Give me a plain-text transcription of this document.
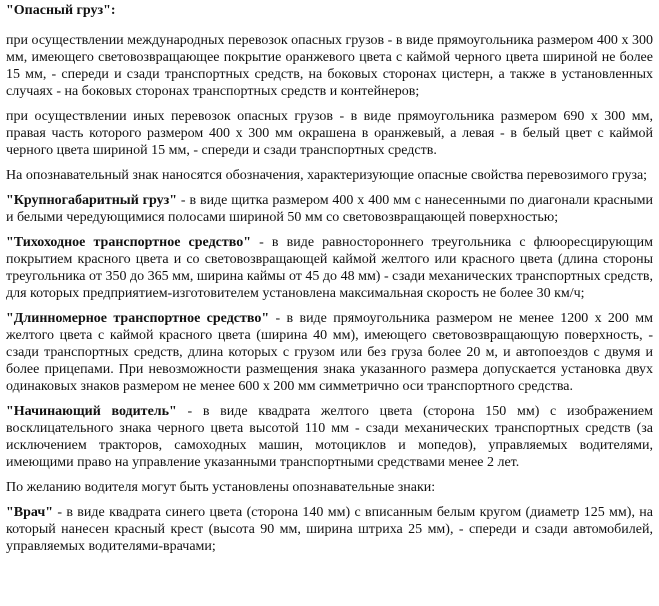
"Опасный груз":

при осуществлении международных перевозок опасных грузов - в виде прямоугольника размером 400 x 300 мм, имеющего световозвращающее покрытие оранжевого цвета с каймой черного цвета шириной не более 15 мм, - спереди и сзади транспортных средств, на боковых сторонах цистерн, а также в установленных случаях - на боковых сторонах транспортных средств и контейнеров;

при осуществлении иных перевозок опасных грузов - в виде прямоугольника размером 690 x 300 мм, правая часть которого размером 400 x 300 мм окрашена в оранжевый, а левая - в белый цвет с каймой черного цвета шириной 15 мм, - спереди и сзади транспортных средств.

На опознавательный знак наносятся обозначения, характеризующие опасные свойства перевозимого груза;

"Крупногабаритный груз" - в виде щитка размером 400 x 400 мм с нанесенными по диагонали красными и белыми чередующимися полосами шириной 50 мм со световозвращающей поверхностью;

"Тихоходное транспортное средство" - в виде равностороннего треугольника с флюоресцирующим покрытием красного цвета и со световозвращающей каймой желтого или красного цвета (длина стороны треугольника от 350 до 365 мм, ширина каймы от 45 до 48 мм) - сзади механических транспортных средств, для которых предприятием-изготовителем установлена максимальная скорость не более 30 км/ч;

"Длинномерное транспортное средство" - в виде прямоугольника размером не менее 1200 x 200 мм желтого цвета с каймой красного цвета (ширина 40 мм), имеющего световозвращающую поверхность, - сзади транспортных средств, длина которых с грузом или без груза более 20 м, и автопоездов с двумя и более прицепами. При невозможности размещения знака указанного размера допускается установка двух одинаковых знаков размером не менее 600 x 200 мм симметрично оси транспортного средства.

"Начинающий водитель" - в виде квадрата желтого цвета (сторона 150 мм) с изображением восклицательного знака черного цвета высотой 110 мм - сзади механических транспортных средств (за исключением тракторов, самоходных машин, мотоциклов и мопедов), управляемых водителями, имеющими право на управление указанными транспортными средствами менее 2 лет.

По желанию водителя могут быть установлены опознавательные знаки:

"Врач" - в виде квадрата синего цвета (сторона 140 мм) с вписанным белым кругом (диаметр 125 мм), на который нанесен красный крест (высота 90 мм, ширина штриха 25 мм), - спереди и сзади автомобилей, управляемых водителями-врачами;
